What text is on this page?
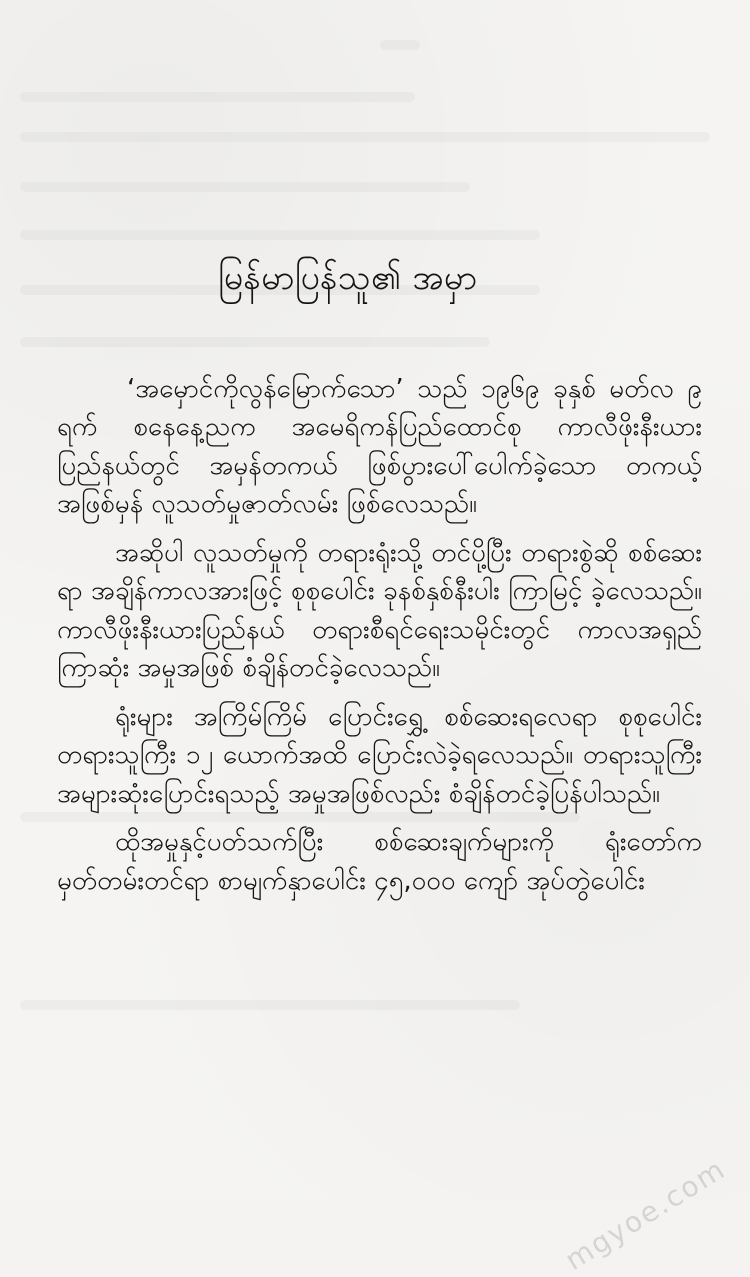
မြန်မာပြန်သူ၏ အမှာ

‘အမှောင်ကိုလွန်မြောက်သော’ သည် ၁၉၆၉ ခုနှစ် မတ်လ ၉ ရက် စနေနေ့ညက အမေရိကန်ပြည်ထောင်စု ကာလီဖိုးနီးယား ပြည်နယ်တွင် အမှန်တကယ် ဖြစ်ပွားပေါ်ပေါက်ခဲ့သော တကယ့် အဖြစ်မှန် လူသတ်မှုဇာတ်လမ်း ဖြစ်လေသည်။

အဆိုပါ လူသတ်မှုကို တရားရုံးသို့ တင်ပို့ပြီး တရားစွဲဆို စစ်ဆေးရာ အချိန်ကာလအားဖြင့် စုစုပေါင်း ခုနစ်နှစ်နီးပါး ကြာမြင့် ခဲ့လေသည်။ ကာလီဖိုးနီးယားပြည်နယ် တရားစီရင်ရေးသမိုင်းတွင် ကာလအရှည်ကြာဆုံး အမှုအဖြစ် စံချိန်တင်ခဲ့လေသည်။

ရုံးများ အကြိမ်ကြိမ် ပြောင်းရွှေ့ စစ်ဆေးရလေရာ စုစုပေါင်း တရားသူကြီး ၁၂ ယောက်အထိ ပြောင်းလဲခဲ့ရလေသည်။ တရားသူကြီး အများဆုံးပြောင်းရသည့် အမှုအဖြစ်လည်း စံချိန်တင်ခဲ့ပြန်ပါသည်။

ထိုအမှုနှင့်ပတ်သက်ပြီး စစ်ဆေးချက်များကို ရုံးတော်က မှတ်တမ်းတင်ရာ စာမျက်နှာပေါင်း ၄၅,၀၀၀ ကျော် အုပ်တွဲပေါင်း

mgyoe.com
